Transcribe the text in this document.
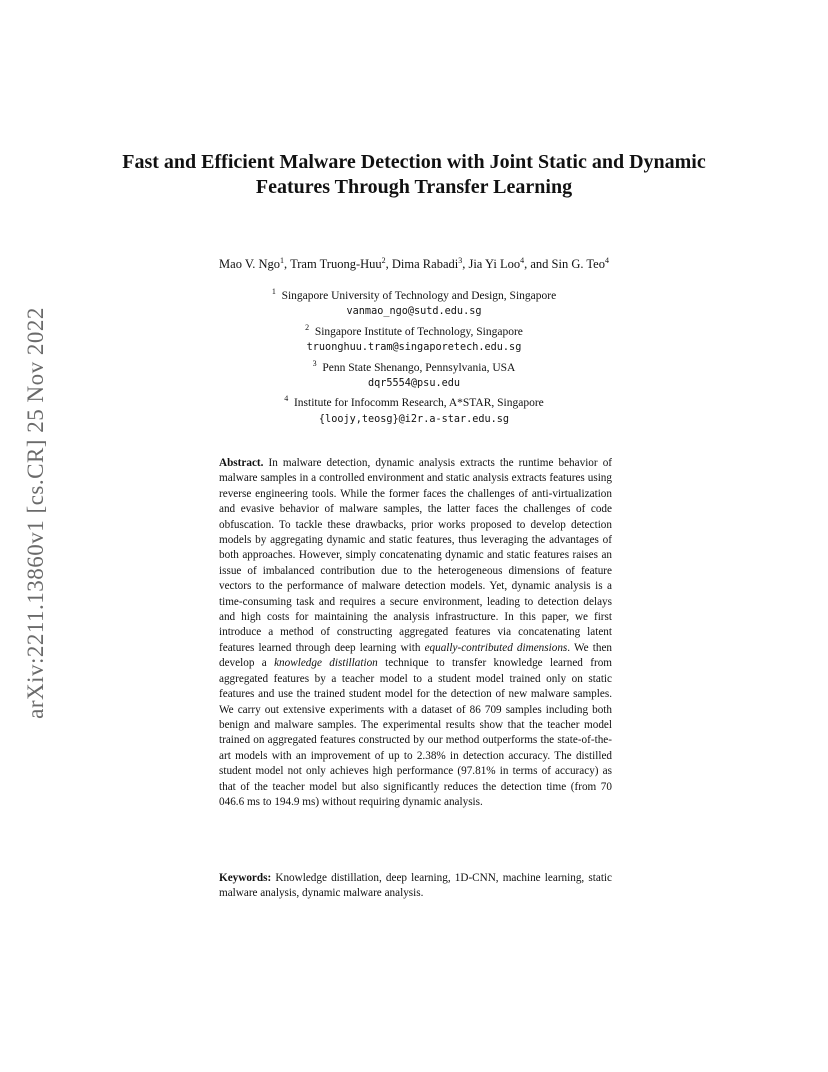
arXiv:2211.13860v1 [cs.CR] 25 Nov 2022
Fast and Efficient Malware Detection with Joint Static and Dynamic Features Through Transfer Learning
Mao V. Ngo$^1$, Tram Truong-Huu$^2$, Dima Rabadi$^3$, Jia Yi Loo$^4$, and Sin G. Teo$^4$
$^1$ Singapore University of Technology and Design, Singapore
vanmao_ngo@sutd.edu.sg
$^2$ Singapore Institute of Technology, Singapore
truonghuu.tram@singaporetech.edu.sg
$^3$ Penn State Shenango, Pennsylvania, USA
dqr5554@psu.edu
$^4$ Institute for Infocomm Research, A*STAR, Singapore
{loojy,teosg}@i2r.a-star.edu.sg

Abstract. In malware detection, dynamic analysis extracts the runtime behavior of malware samples in a controlled environment and static analysis extracts features using reverse engineering tools. While the former faces the challenges of anti-virtualization and evasive behavior of malware samples, the latter faces the challenges of code obfuscation. To tackle these drawbacks, prior works proposed to develop detection models by aggregating dynamic and static features, thus leveraging the advantages of both approaches. However, simply concatenating dynamic and static features raises an issue of imbalanced contribution due to the heterogeneous dimensions of feature vectors to the performance of malware detection models. Yet, dynamic analysis is a time-consuming task and requires a secure environment, leading to detection delays and high costs for maintaining the analysis infrastructure. In this paper, we first introduce a method of constructing aggregated features via concatenating latent features learned through deep learning with equally-contributed dimensions. We then develop a knowledge distillation technique to transfer knowledge learned from aggregated features by a teacher model to a student model trained only on static features and use the trained student model for the detection of new malware samples. We carry out extensive experiments with a dataset of 86 709 samples including both benign and malware samples. The experimental results show that the teacher model trained on aggregated features constructed by our method outperforms the state-of-the-art models with an improvement of up to 2.38% in detection accuracy. The distilled student model not only achieves high performance (97.81% in terms of accuracy) as that of the teacher model but also significantly reduces the detection time (from 70 046.6 ms to 194.9 ms) without requiring dynamic analysis.

Keywords: Knowledge distillation, deep learning, 1D-CNN, machine learning, static malware analysis, dynamic malware analysis.
